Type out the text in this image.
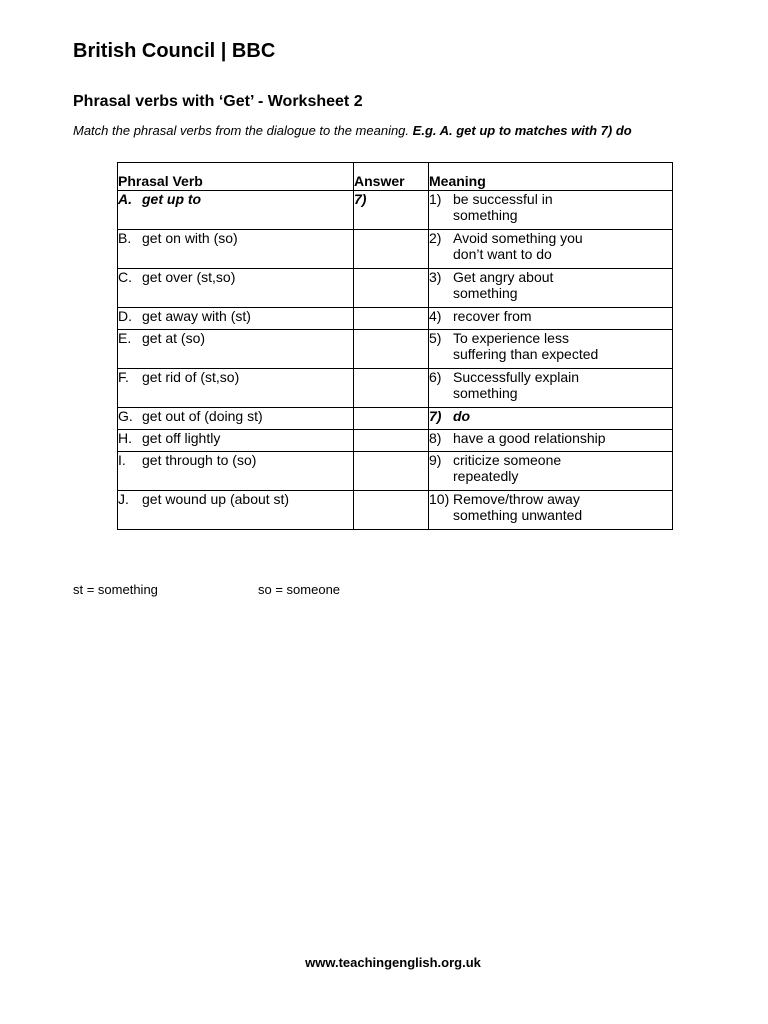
British Council | BBC
Phrasal verbs with ‘Get’ - Worksheet 2
Match the phrasal verbs from the dialogue to the meaning. E.g. A. get up to matches with 7) do
Phrasal Verb	Answer	Meaning
A. get up to	7)	1) be successful in
something

B. get on with (so)		2) Avoid something you
don’t want to do

C. get over (st,so)		3) Get angry about
something

D. get away with (st)		4) recover from

E. get at (so)		5) To experience less
suffering than expected

F. get rid of (st,so)		6) Successfully explain
something

G. get out of (doing st)		7) do

H. get off lightly		8) have a good relationship

I. get through to (so)		9) criticize someone
repeatedly

J. get wound up (about st)		10) Remove/throw away
something unwanted
st = something	so = someone
www.teachingenglish.org.uk
